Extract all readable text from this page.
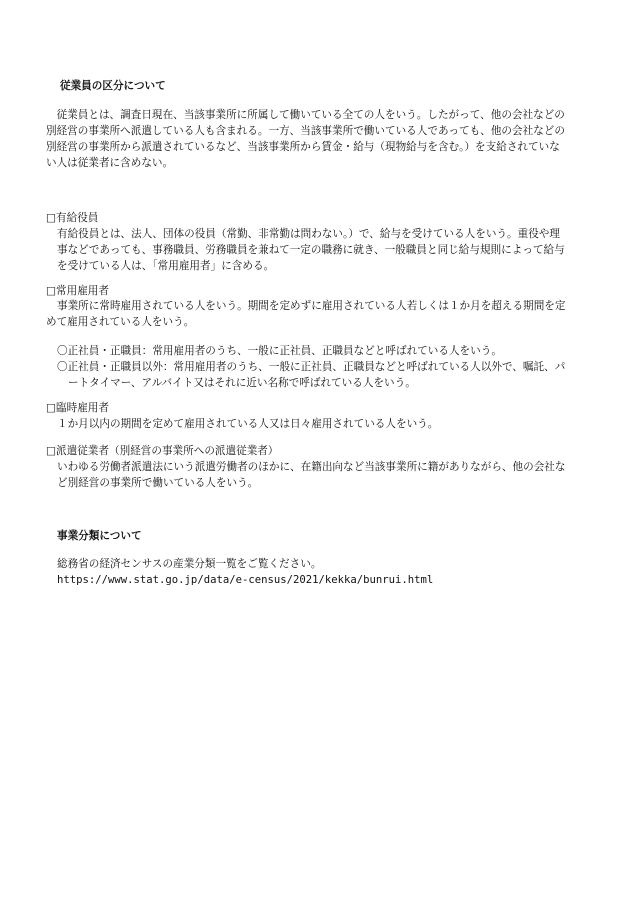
従業員の区分について
　従業員とは、調査日現在、当該事業所に所属して働いている全ての人をいう。したがって、他の会社などの
別経営の事業所へ派遣している人も含まれる。一方、当該事業所で働いている人であっても、他の会社などの
別経営の事業所から派遣されているなど、当該事業所から賃金・給与（現物給与を含む。）を支給されていな
い人は従業者に含めない。
□有給役員
有給役員とは、法人、団体の役員（常勤、非常勤は問わない。）で、給与を受けている人をいう。重役や理
事などであっても、事務職員、労務職員を兼ねて一定の職務に就き、一般職員と同じ給与規則によって給与
を受けている人は、「常用雇用者」に含める。
□常用雇用者
事業所に常時雇用されている人をいう。期間を定めずに雇用されている人若しくは１か月を超える期間を定
めて雇用されている人をいう。
〇正社員・正職員：常用雇用者のうち、一般に正社員、正職員などと呼ばれている人をいう。
〇正社員・正職員以外：常用雇用者のうち、一般に正社員、正職員などと呼ばれている人以外で、嘱託、パ
ートタイマー、アルバイト又はそれに近い名称で呼ばれている人をいう。
□臨時雇用者
１か月以内の期間を定めて雇用されている人又は日々雇用されている人をいう。
□派遣従業者（別経営の事業所への派遣従業者）
いわゆる労働者派遣法にいう派遣労働者のほかに、在籍出向など当該事業所に籍がありながら、他の会社な
ど別経営の事業所で働いている人をいう。
事業分類について
総務省の経済センサスの産業分類一覧をご覧ください。
https://www.stat.go.jp/data/e-census/2021/kekka/bunrui.html
